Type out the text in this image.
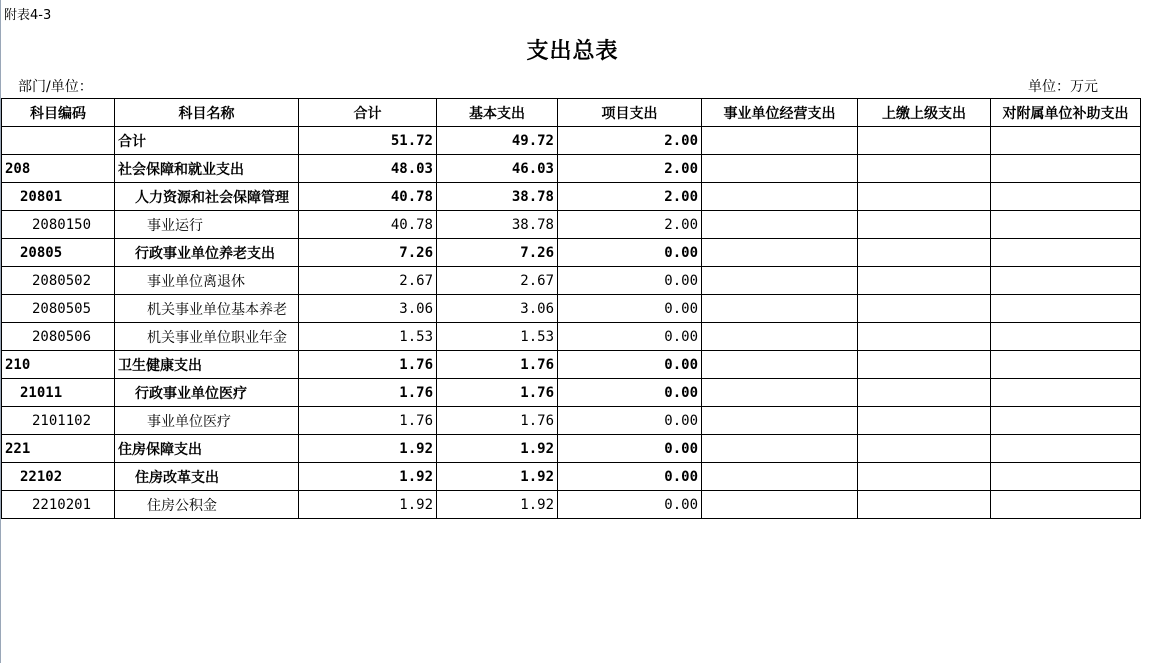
附表4-3
支出总表
部门/单位：	单位：万元
科目编码	科目名称	合计	基本支出	项目支出	事业单位经营支出	上缴上级支出	对附属单位补助支出
	合计	51.72	49.72	2.00			
208	社会保障和就业支出	48.03	46.03	2.00			
20801	人力资源和社会保障管理	40.78	38.78	2.00			
2080150	事业运行	40.78	38.78	2.00			
20805	行政事业单位养老支出	7.26	7.26	0.00			
2080502	事业单位离退休	2.67	2.67	0.00			
2080505	机关事业单位基本养老	3.06	3.06	0.00			
2080506	机关事业单位职业年金	1.53	1.53	0.00			
210	卫生健康支出	1.76	1.76	0.00			
21011	行政事业单位医疗	1.76	1.76	0.00			
2101102	事业单位医疗	1.76	1.76	0.00			
221	住房保障支出	1.92	1.92	0.00			
22102	住房改革支出	1.92	1.92	0.00			
2210201	住房公积金	1.92	1.92	0.00			
